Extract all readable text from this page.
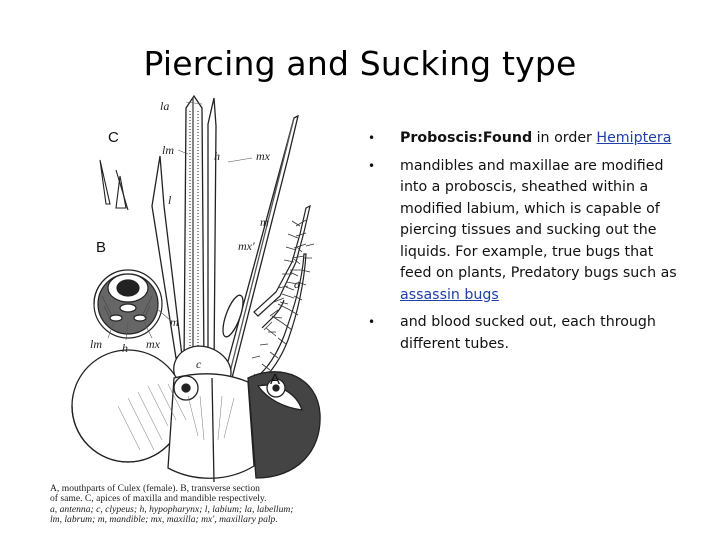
Piercing and Sucking type
C
B
A
la
lm	h	mx
l
m
mx'
a
c
m
lm h mx
A, mouthparts of Culex (female). B, transverse section
of same. C, apices of maxilla and mandible respectively.
a, antenna; c, clypeus; h, hypopharynx; l, labium; la, labellum;
lm, labrum; m, mandible; mx, maxilla; mx', maxillary palp.
• Proboscis:Found in order Hemiptera
• mandibles and maxillae are modified into a proboscis, sheathed within a modified labium, which is capable of piercing tissues and sucking out the liquids. For example, true bugs that feed on plants, Predatory bugs such as assassin bugs
• and blood sucked out, each through different tubes.
